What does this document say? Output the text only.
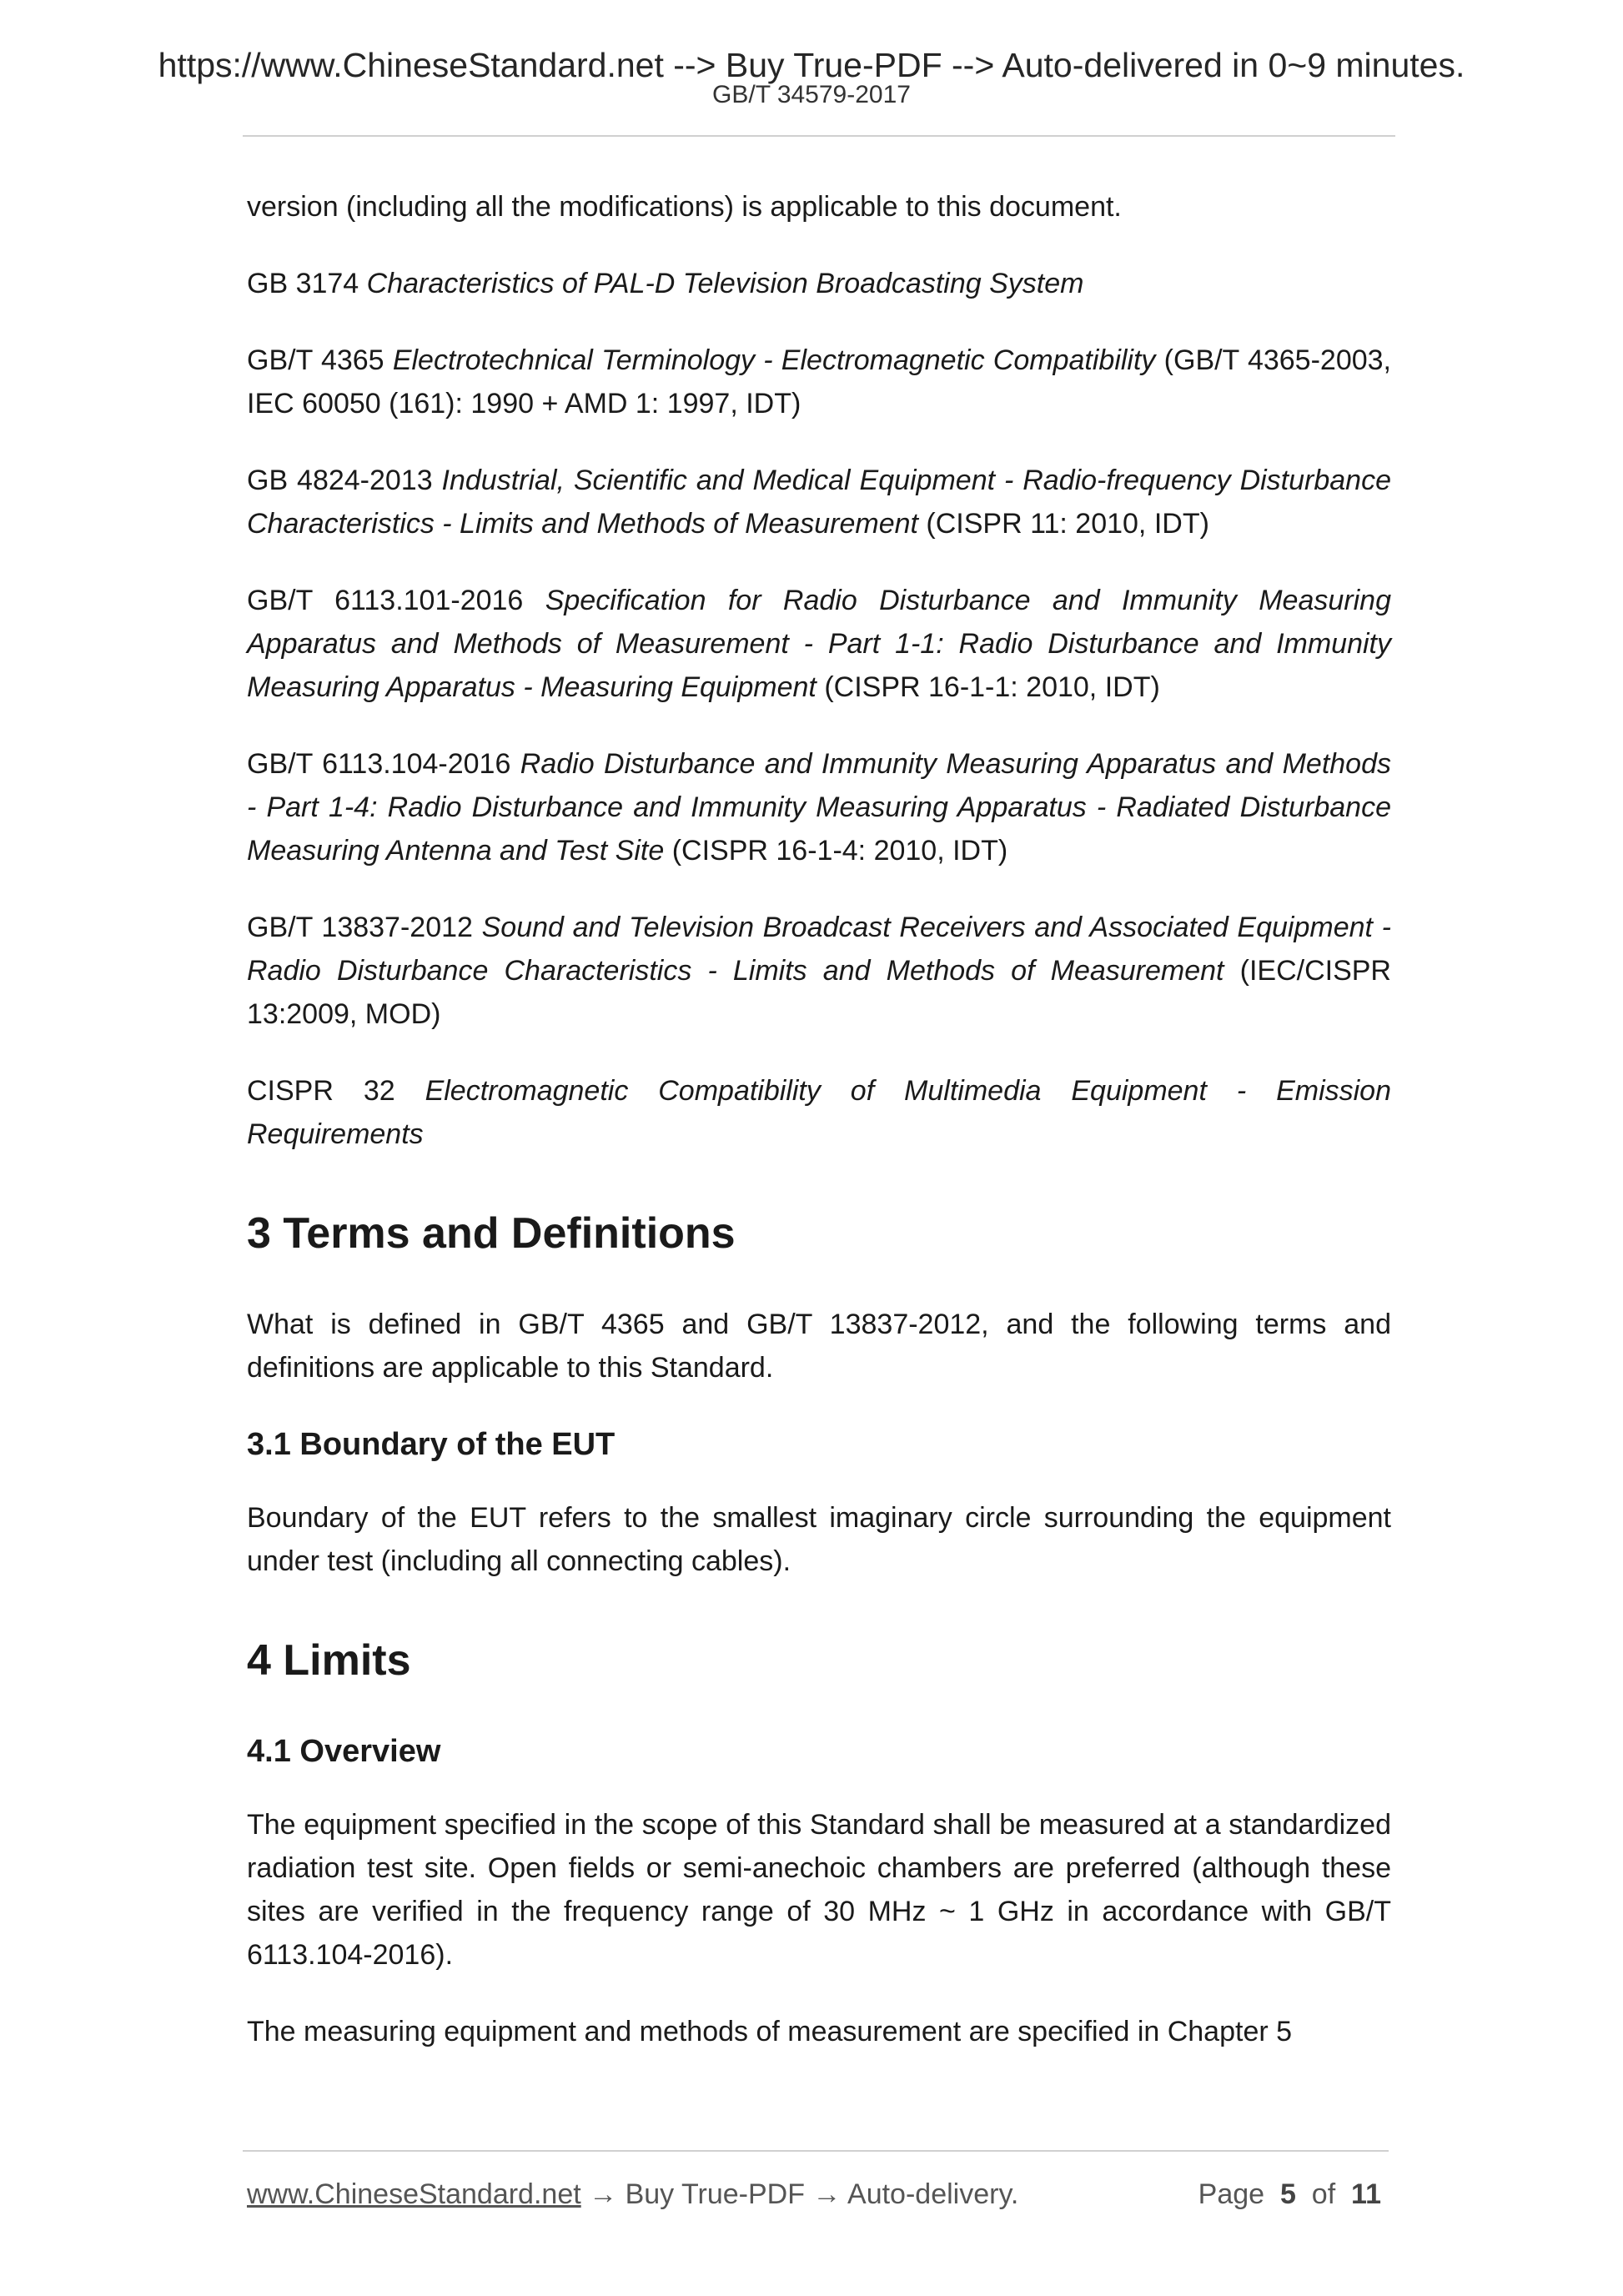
https://www.ChineseStandard.net --> Buy True-PDF --> Auto-delivered in 0~9 minutes.
GB/T 34579-2017

version (including all the modifications) is applicable to this document.

GB 3174 Characteristics of PAL-D Television Broadcasting System

GB/T 4365 Electrotechnical Terminology - Electromagnetic Compatibility (GB/T 4365-2003, IEC 60050 (161): 1990 + AMD 1: 1997, IDT)

GB 4824-2013 Industrial, Scientific and Medical Equipment - Radio-frequency Disturbance Characteristics - Limits and Methods of Measurement (CISPR 11: 2010, IDT)

GB/T 6113.101-2016 Specification for Radio Disturbance and Immunity Measuring Apparatus and Methods of Measurement - Part 1-1: Radio Disturbance and Immunity Measuring Apparatus - Measuring Equipment (CISPR 16-1-1: 2010, IDT)

GB/T 6113.104-2016 Radio Disturbance and Immunity Measuring Apparatus and Methods - Part 1-4: Radio Disturbance and Immunity Measuring Apparatus - Radiated Disturbance Measuring Antenna and Test Site (CISPR 16-1-4: 2010, IDT)

GB/T 13837-2012 Sound and Television Broadcast Receivers and Associated Equipment - Radio Disturbance Characteristics - Limits and Methods of Measurement (IEC/CISPR 13:2009, MOD)

CISPR 32 Electromagnetic Compatibility of Multimedia Equipment - Emission Requirements

3 Terms and Definitions

What is defined in GB/T 4365 and GB/T 13837-2012, and the following terms and definitions are applicable to this Standard.

3.1 Boundary of the EUT

Boundary of the EUT refers to the smallest imaginary circle surrounding the equipment under test (including all connecting cables).

4 Limits
4.1 Overview

The equipment specified in the scope of this Standard shall be measured at a standardized radiation test site. Open fields or semi-anechoic chambers are preferred (although these sites are verified in the frequency range of 30 MHz ~ 1 GHz in accordance with GB/T 6113.104-2016).

The measuring equipment and methods of measurement are specified in Chapter 5

www.ChineseStandard.net → Buy True-PDF → Auto-delivery.	Page 5 of 11
